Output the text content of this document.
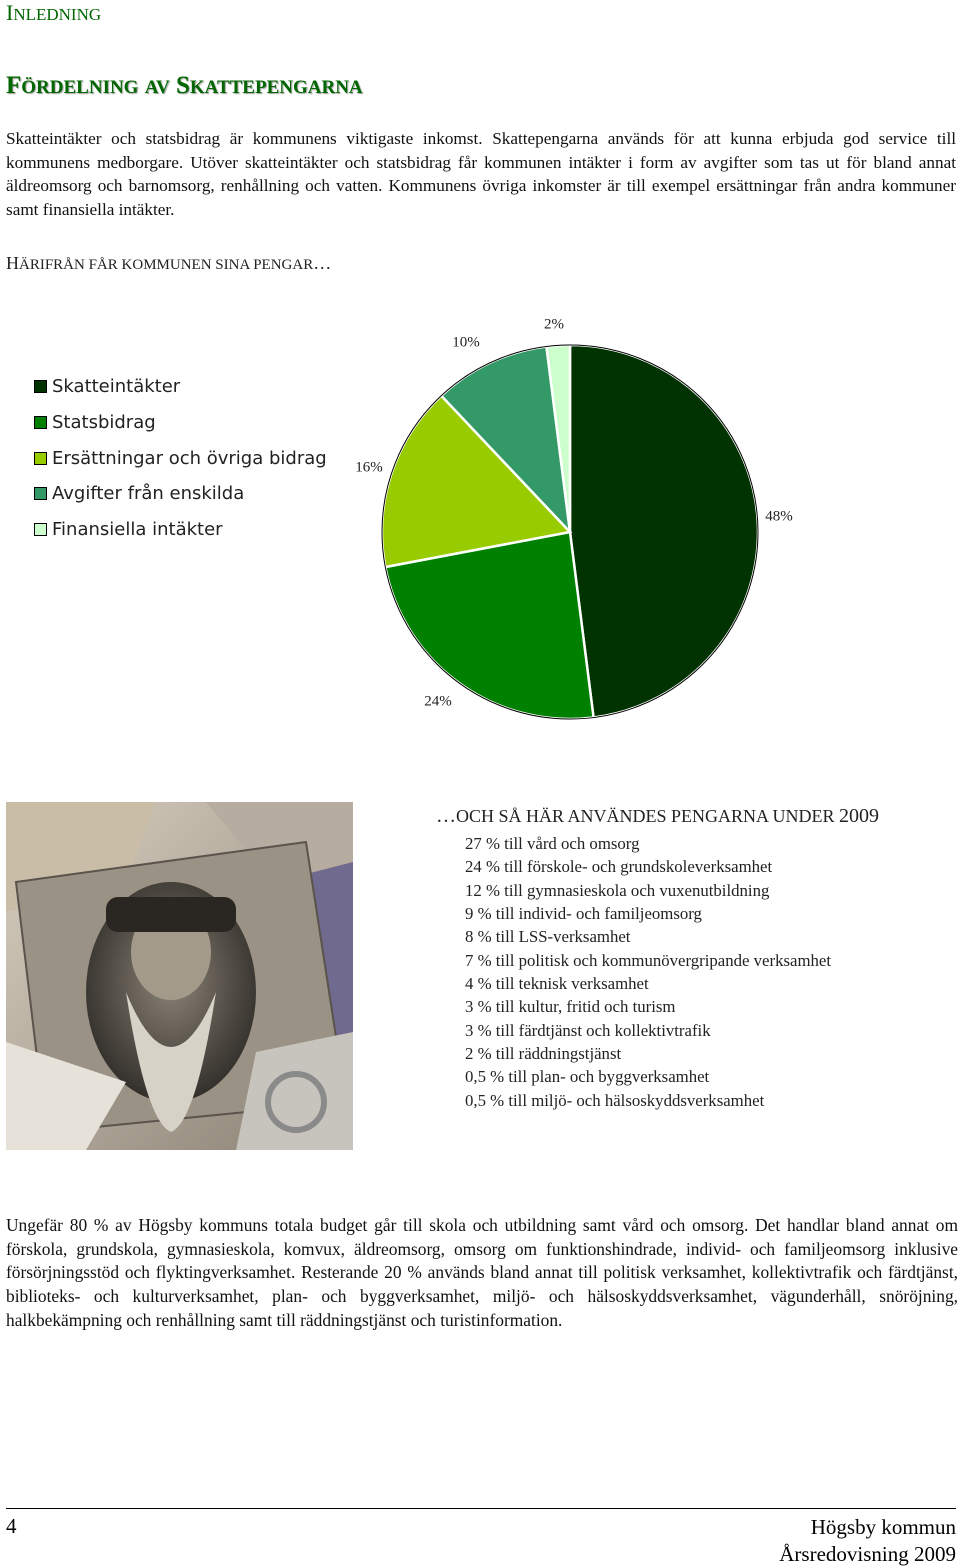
INLEDNING
FÖRDELNING AV SKATTEPENGARNA

Skatteintäkter och statsbidrag är kommunens viktigaste inkomst. Skattepengarna används för att kunna erbjuda god service till kommunens medborgare. Utöver skatteintäkter och statsbidrag får kommunen intäkter i form av avgifter som tas ut för bland annat äldreomsorg och barnomsorg, renhållning och vatten. Kommunens övriga inkomster är till exempel ersättningar från andra kommuner samt finansiella intäkter.

HÄRIFRÅN FÅR KOMMUNEN SINA PENGAR…
Skatteintäkter
Statsbidrag
Ersättningar och övriga bidrag
Avgifter från enskilda
Finansiella intäkter
48%
24%
16%
10%
2%
…OCH SÅ HÄR ANVÄNDES PENGARNA UNDER 2009
27 % till vård och omsorg
24 % till förskole- och grundskoleverksamhet
12 % till gymnasieskola och vuxenutbildning
9 % till individ- och familjeomsorg
8 % till LSS-verksamhet
7 % till politisk och kommunövergripande verksamhet
4 % till teknisk verksamhet
3 % till kultur, fritid och turism
3 % till färdtjänst och kollektivtrafik
2 % till räddningstjänst
0,5 % till plan- och byggverksamhet
0,5 % till miljö- och hälsoskyddsverksamhet
Ungefär 80 % av Högsby kommuns totala budget går till skola och utbildning samt vård och omsorg. Det handlar bland annat om förskola, grundskola, gymnasieskola, komvux, äldreomsorg, omsorg om funktionshindrade, individ- och familjeomsorg inklusive försörjningsstöd och flyktingverksamhet. Resterande 20 % används bland annat till politisk verksamhet, kollektivtrafik och färdtjänst, biblioteks- och kulturverksamhet, plan- och byggverksamhet, miljö- och hälsoskyddsverksamhet, vägunderhåll, snöröjning, halkbekämpning och renhållning samt till räddningstjänst och turistinformation.
4	Högsby kommun
Årsredovisning 2009
